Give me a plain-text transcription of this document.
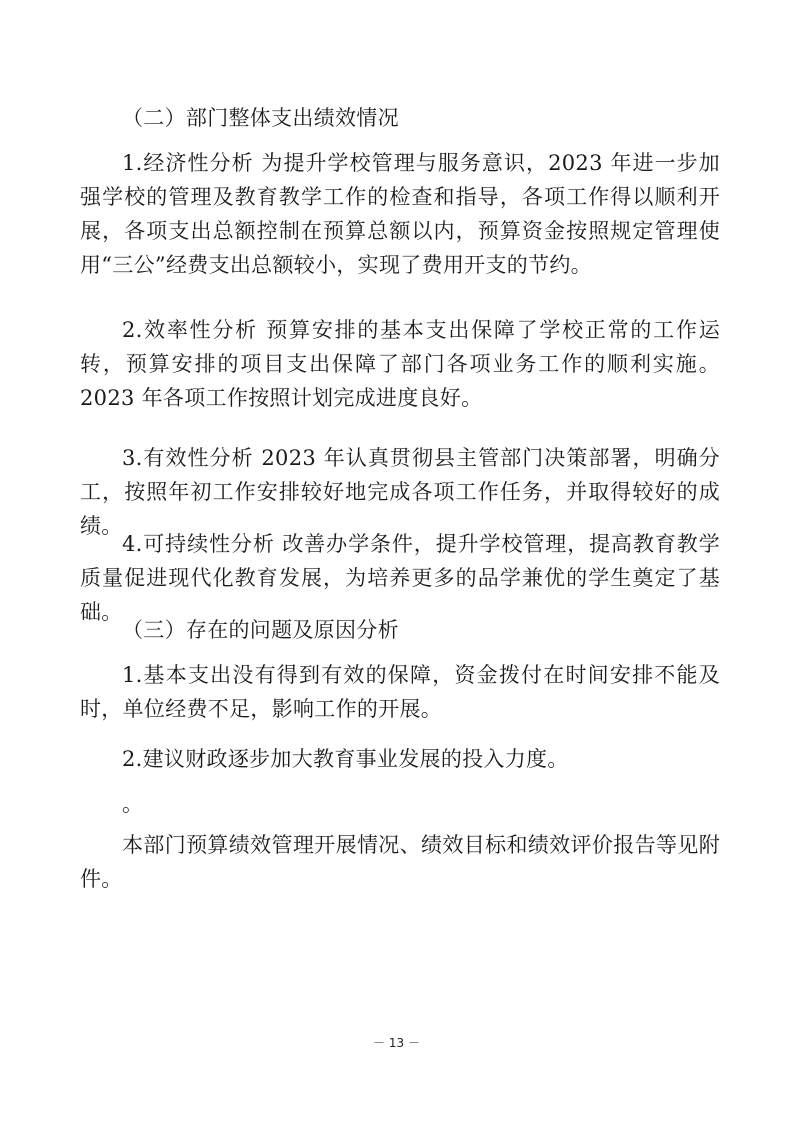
（二）部门整体支出绩效情况

1.经济性分析 为提升学校管理与服务意识，2023 年进一步加强学校的管理及教育教学工作的检查和指导，各项工作得以顺利开展，各项支出总额控制在预算总额以内，预算资金按照规定管理使用“三公”经费支出总额较小，实现了费用开支的节约。

2.效率性分析 预算安排的基本支出保障了学校正常的工作运转，预算安排的项目支出保障了部门各项业务工作的顺利实施。2023 年各项工作按照计划完成进度良好。

3.有效性分析 2023 年认真贯彻县主管部门决策部署，明确分工，按照年初工作安排较好地完成各项工作任务，并取得较好的成绩。

4.可持续性分析 改善办学条件，提升学校管理，提高教育教学质量促进现代化教育发展，为培养更多的品学兼优的学生奠定了基础。

（三）存在的问题及原因分析

1.基本支出没有得到有效的保障，资金拨付在时间安排不能及时，单位经费不足，影响工作的开展。

2.建议财政逐步加大教育事业发展的投入力度。

。

本部门预算绩效管理开展情况、绩效目标和绩效评价报告等见附件。

－ 13 －
